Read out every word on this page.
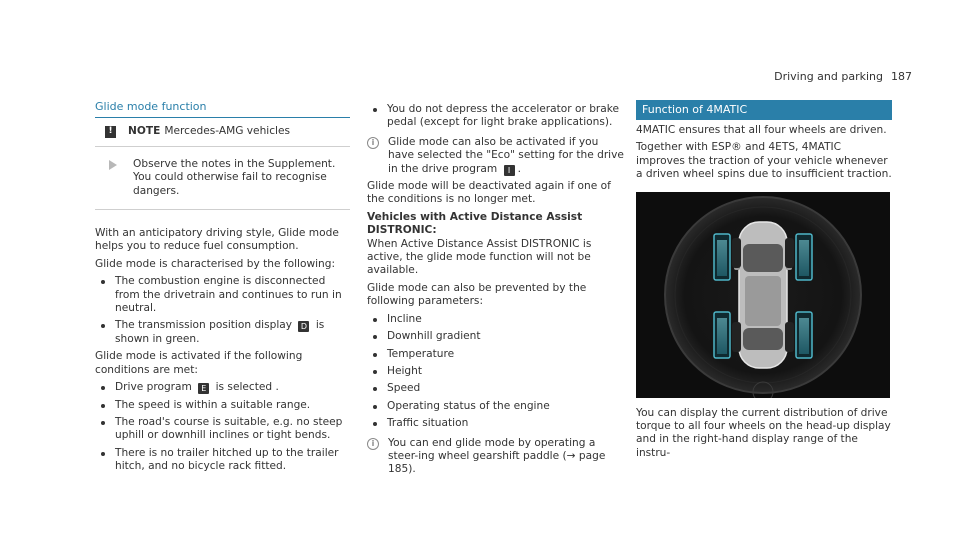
Driving and parking 187
Glide mode function
!	NOTE Mercedes-AMG vehicles
Observe the notes in the Supplement. You could otherwise fail to recognise dangers.

With an anticipatory driving style, Glide mode helps you to reduce fuel consumption.

Glide mode is characterised by the following:

The combustion engine is disconnected from the drivetrain and continues to run in neutral.
The transmission position display D is shown in green.

Glide mode is activated if the following conditions are met:

Drive program E is selected .
The speed is within a suitable range.
The road's course is suitable, e.g. no steep uphill or downhill inclines or tight bends.
There is no trailer hitched up to the trailer hitch, and no bicycle rack fitted.
You do not depress the accelerator or brake pedal (except for light brake applications).
i	Glide mode can also be activated if you have selected the "Eco" setting for the drive in the drive program I .

Glide mode will be deactivated again if one of the conditions is no longer met.

Vehicles with Active Distance Assist DISTRONIC:

When Active Distance Assist DISTRONIC is active, the glide mode function will not be available.

Glide mode can also be prevented by the following parameters:

Incline
Downhill gradient
Temperature
Height
Speed
Operating status of the engine
Traffic situation
i	You can end glide mode by operating a steer-ing wheel gearshift paddle (→ page 185).
Function of 4MATIC

4MATIC ensures that all four wheels are driven.

Together with ESP® and 4ETS, 4MATIC improves the traction of your vehicle whenever a driven wheel spins due to insufficient traction.

You can display the current distribution of drive torque to all four wheels on the head-up display and in the right-hand display range of the instru-
